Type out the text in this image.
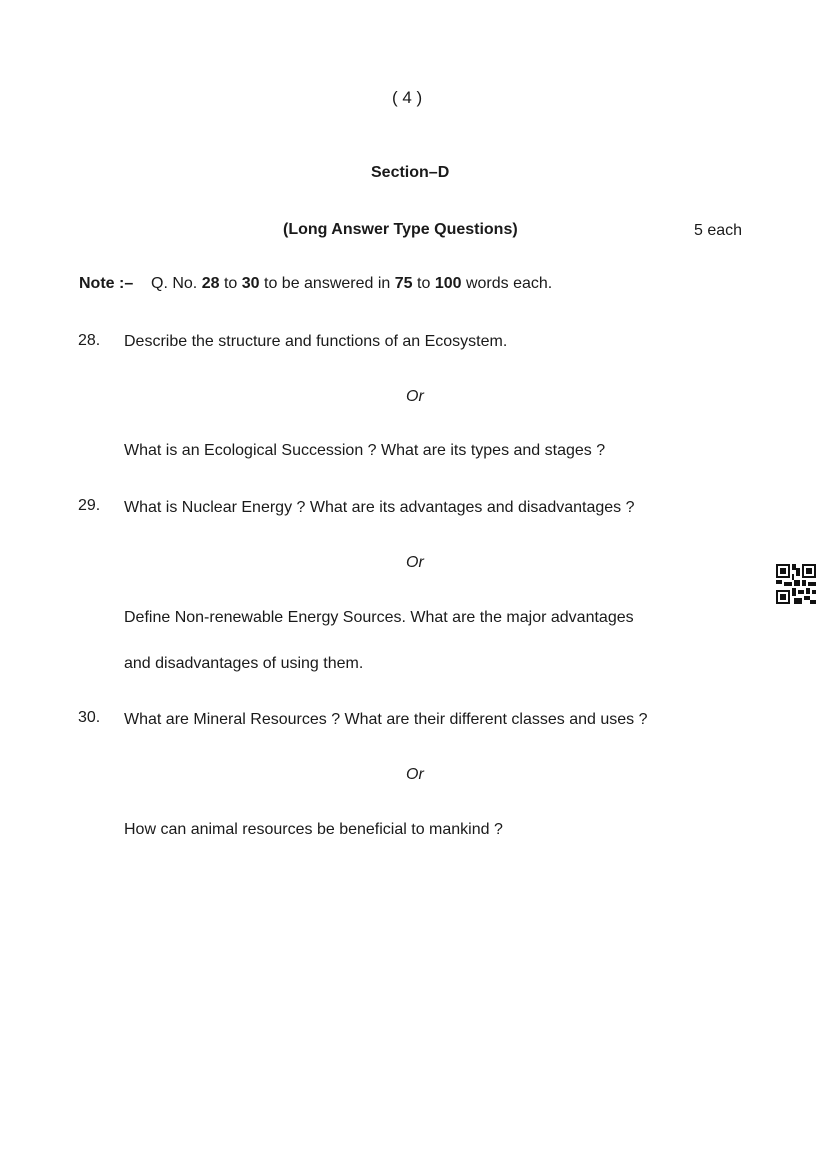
( 4 )
Section–D
(Long Answer Type Questions)	5 each
Note :– Q. No. 28 to 30 to be answered in 75 to 100 words each.
28. Describe the structure and functions of an Ecosystem.
Or
What is an Ecological Succession ? What are its types and stages ?
29. What is Nuclear Energy ? What are its advantages and disadvantages ?
Or
Define Non-renewable Energy Sources. What are the major advantages
and disadvantages of using them.
30. What are Mineral Resources ? What are their different classes and uses ?
Or
How can animal resources be beneficial to mankind ?
